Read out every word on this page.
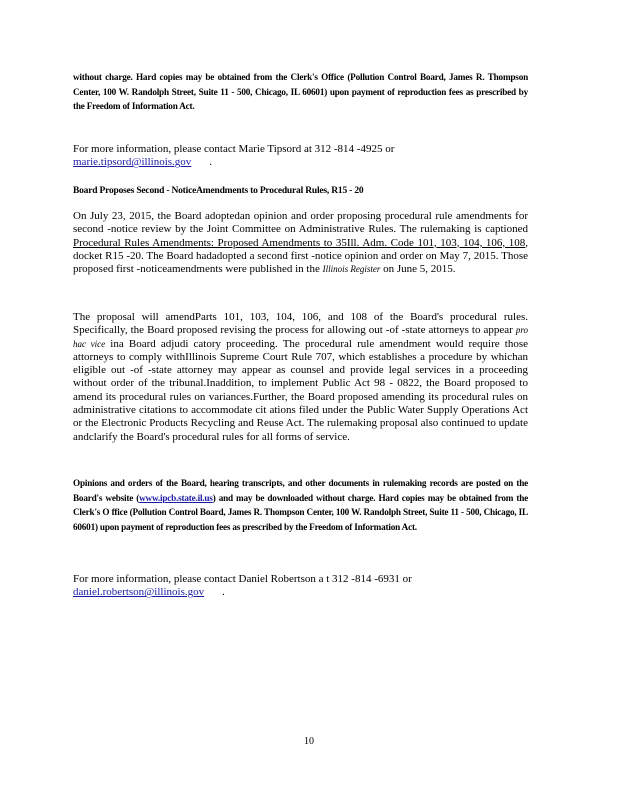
without charge. Hard copies may be obtained from the Clerk's Office (Pollution Control Board, James R. Thompson Center, 100 W. Randolph Street, Suite 11 - 500, Chicago, IL 60601) upon payment of reproduction fees as prescribed by the Freedom of Information Act.
For more information, please contact Marie Tipsord at 312 -814 -4925 or
marie.tipsord@illinois.gov .
Board Proposes Second - NoticeAmendments to Procedural Rules, R15 - 20
On July 23, 2015, the Board adoptedan opinion and order proposing procedural rule amendments for second -notice review by the Joint Committee on Administrative Rules. The rulemaking is captioned Procedural Rules Amendments: Proposed Amendments to 35Ill. Adm. Code 101, 103, 104, 106, 108, docket R15 -20. The Board hadadopted a second first -notice opinion and order on May 7, 2015. Those proposed first -noticeamendments were published in the Illinois Register on June 5, 2015.
The proposal will amendParts 101, 103, 104, 106, and 108 of the Board's procedural rules. Specifically, the Board proposed revising the process for allowing out -of -state attorneys to appear pro hac vice ina Board adjudi catory proceeding. The procedural rule amendment would require those attorneys to comply withIllinois Supreme Court Rule 707, which establishes a procedure by whichan eligible out -of -state attorney may appear as counsel and provide legal services in a proceeding without order of the tribunal.Inaddition, to implement Public Act 98 - 0822, the Board proposed to amend its procedural rules on variances.Further, the Board proposed amending its procedural rules on administrative citations to accommodate cit ations filed under the Public Water Supply Operations Act or the Electronic Products Recycling and Reuse Act. The rulemaking proposal also continued to update andclarify the Board's procedural rules for all forms of service.
Opinions and orders of the Board, hearing transcripts, and other documents in rulemaking records are posted on the Board's website (www.ipcb.state.il.us) and may be downloaded without charge. Hard copies may be obtained from the Clerk's O ffice (Pollution Control Board, James R. Thompson Center, 100 W. Randolph Street, Suite 11 - 500, Chicago, IL 60601) upon payment of reproduction fees as prescribed by the Freedom of Information Act.
For more information, please contact Daniel Robertson a t 312 -814 -6931 or
daniel.robertson@illinois.gov .
10
